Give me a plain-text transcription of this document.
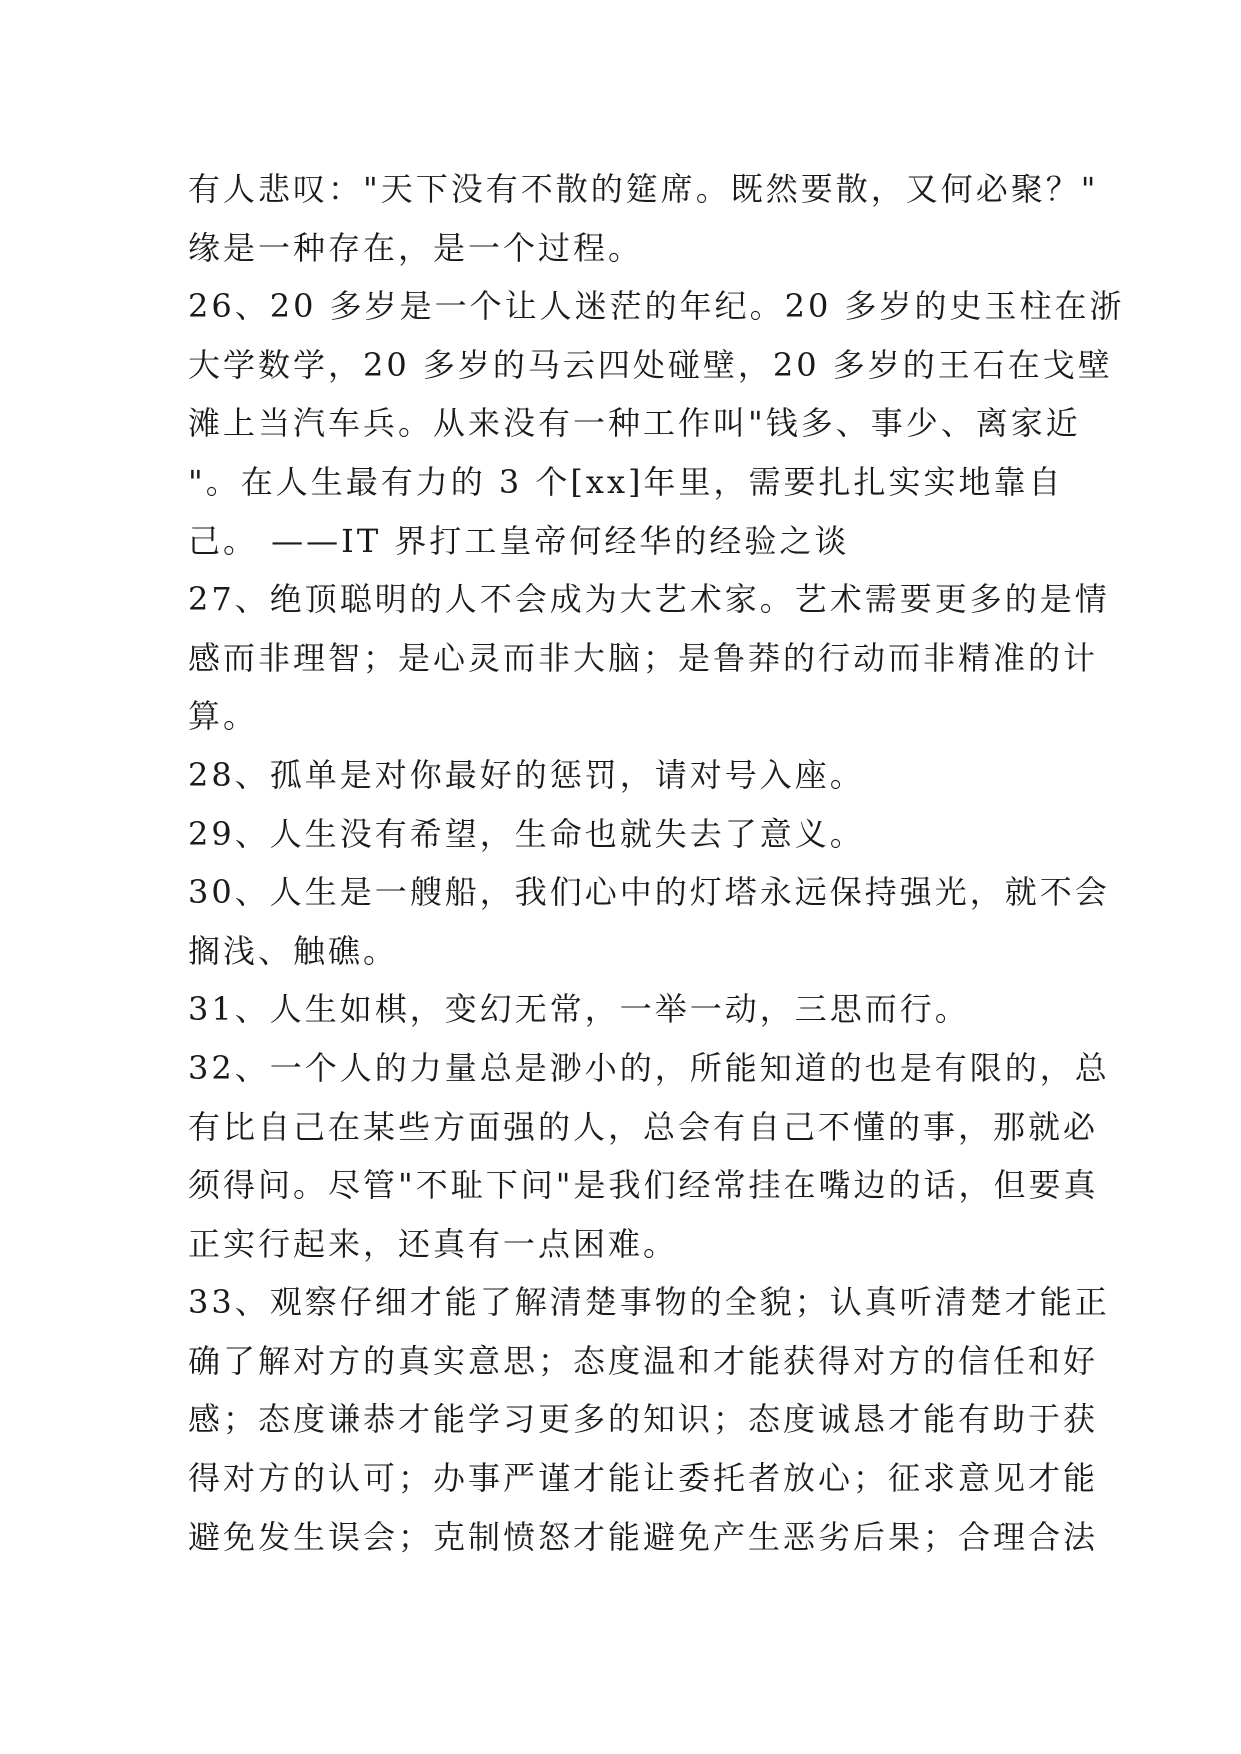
有人悲叹："天下没有不散的筵席。既然要散，又何必聚？"
缘是一种存在，是一个过程。
26、20 多岁是一个让人迷茫的年纪。20 多岁的史玉柱在浙
大学数学，20 多岁的马云四处碰壁，20 多岁的王石在戈壁
滩上当汽车兵。从来没有一种工作叫"钱多、事少、离家近
"。在人生最有力的 3 个[xx]年里，需要扎扎实实地靠自
己。 ——IT 界打工皇帝何经华的经验之谈
27、绝顶聪明的人不会成为大艺术家。艺术需要更多的是情
感而非理智；是心灵而非大脑；是鲁莽的行动而非精准的计
算。
28、孤单是对你最好的惩罚，请对号入座。
29、人生没有希望，生命也就失去了意义。
30、人生是一艘船，我们心中的灯塔永远保持强光，就不会
搁浅、触礁。
31、人生如棋，变幻无常，一举一动，三思而行。
32、一个人的力量总是渺小的，所能知道的也是有限的，总
有比自己在某些方面强的人，总会有自己不懂的事，那就必
须得问。尽管"不耻下问"是我们经常挂在嘴边的话，但要真
正实行起来，还真有一点困难。
33、观察仔细才能了解清楚事物的全貌；认真听清楚才能正
确了解对方的真实意思；态度温和才能获得对方的信任和好
感；态度谦恭才能学习更多的知识；态度诚恳才能有助于获
得对方的认可；办事严谨才能让委托者放心；征求意见才能
避免发生误会；克制愤怒才能避免产生恶劣后果；合理合法
